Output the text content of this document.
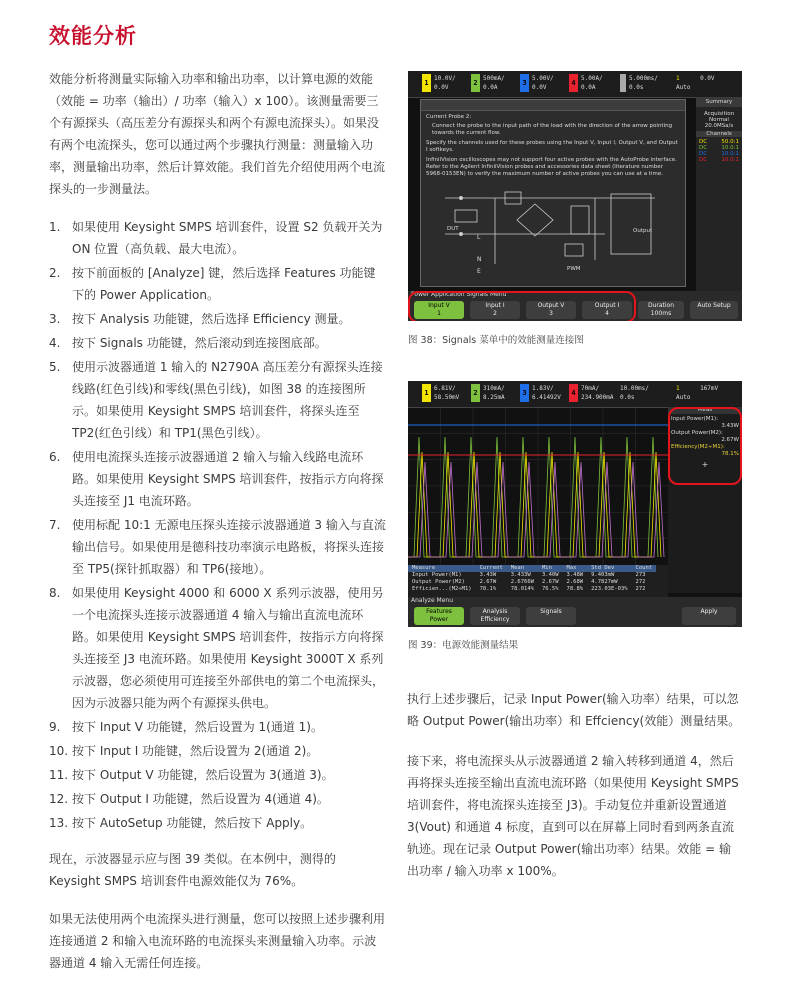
效能分析

效能分析将测量实际输入功率和输出功率，以计算电源的效能（效能 = 功率（输出）/ 功率（输入）x 100）。该测量需要三个有源探头（高压差分有源探头和两个有源电流探头）。如果没有两个电流探头，您可以通过两个步骤执行测量：测量输入功率，测量输出功率，然后计算效能。我们首先介绍使用两个电流探头的一步测量法。

1. 如果使用 Keysight SMPS 培训套件，设置 S2 负载开关为 ON 位置（高负载、最大电流）。
2. 按下前面板的 [Analyze] 键，然后选择 Features 功能键下的 Power Application。
3. 按下 Analysis 功能键，然后选择 Efficiency 测量。
4. 按下 Signals 功能键，然后滚动到连接图底部。
5. 使用示波器通道 1 输入的 N2790A 高压差分有源探头连接线路(红色引线)和零线(黑色引线)，如图 38 的连接图所示。如果使用 Keysight SMPS 培训套件，将探头连至 TP2(红色引线）和 TP1(黑色引线）。
6. 使用电流探头连接示波器通道 2 输入与输入线路电流环路。如果使用 Keysight SMPS 培训套件，按指示方向将探头连接至 J1 电流环路。
7. 使用标配 10:1 无源电压探头连接示波器通道 3 输入与直流输出信号。如果使用是德科技功率演示电路板，将探头连接至 TP5(探针抓取器）和 TP6(接地）。
8. 如果使用 Keysight 4000 和 6000 X 系列示波器，使用另一个电流探头连接示波器通道 4 输入与输出直流电流环路。如果使用 Keysight SMPS 培训套件，按指示方向将探头连接至 J3 电流环路。如果使用 Keysight 3000T X 系列示波器，您必须使用可连接至外部供电的第二个电流探头，因为示波器只能为两个有源探头供电。
9. 按下 Input V 功能键，然后设置为 1(通道 1)。
10. 按下 Input I 功能键，然后设置为 2(通道 2)。
11. 按下 Output V 功能键，然后设置为 3(通道 3)。
12. 按下 Output I 功能键，然后设置为 4(通道 4)。
13. 按下 AutoSetup 功能键，然后按下 Apply。

现在，示波器显示应与图 39 类似。在本例中，测得的 Keysight SMPS 培训套件电源效能仅为 76%。

如果无法使用两个电流探头进行测量，您可以按照上述步骤利用连接通道 2 和输入电流环路的电流探头来测量输入功率。示波器通道 4 输入无需任何连接。

1
10.0V/
0.0V
2
500mA/
0.0A
3
5.00V/
0.0V
4
5.00A/
0.0A
5.000ms/
0.0s
1
Auto

0.0V
Current Probe 2:
Connect the probe to the input path of the load with the direction of the arrow pointing towards the current flow.
Specify the channels used for these probes using the Input V, Input I, Output V, and Output I softkeys.
InfiniiVision oscilloscopes may not support four active probes with the AutoProbe interface. Refer to the Agilent InfiniiVision probes and accessories data sheet (literature number 5968-0153EN) to verify the maximum number of active probes you can use at a time.
DUT
L
N
E
Output
PWM
Summary
Acquisition
Normal
20.0MSa/s
Channels
DC	50.0:1
DC	10.0:1
DC	10.0:1
DC	10.0:1
Power Application Signals Menu
Input V
1
Input I
2
Output V
3
Output I
4
Duration
100ms
Auto Setup
图 38：Signals 菜单中的效能测量连接图
1
6.81V/
58.50mV
2
310mA/
8.25mA
3
1.83V/
6.41492V
4
70mA/
234.900mA
10.00ms/
0.0s
1
Auto

167mV
Meas
Input Power(M1):
3.43W
Output Power(M2):
2.67W
Efficiency(M2÷M1):
78.1%
+
Measure	Current	Mean	Min	Max	Std Dev	Count
Input Power(M1)	3.43W	3.433W	3.40W	3.48W	9.403mW	273
Output Power(M2)	2.67W	2.6766W	2.67W	2.68W	4.7827mW	272
Efficien...(M2÷M1)	78.1%	78.014%	76.5%	78.8%	223.03E-03%	272
Analyze Menu
Features
Power
Analysis
Efficiency
Signals	Apply
图 39：电源效能测量结果

执行上述步骤后，记录 Input Power(输入功率）结果，可以忽略 Output Power(输出功率）和 Effciency(效能）测量结果。

接下来，将电流探头从示波器通道 2 输入转移到通道 4，然后再将探头连接至输出直流电流环路（如果使用 Keysight SMPS 培训套件，将电流探头连接至 J3)。手动复位并重新设置通道 3(Vout) 和通道 4 标度，直到可以在屏幕上同时看到两条直流轨迹。现在记录 Output Power(输出功率）结果。效能 = 输出功率 / 输入功率 x 100%。
